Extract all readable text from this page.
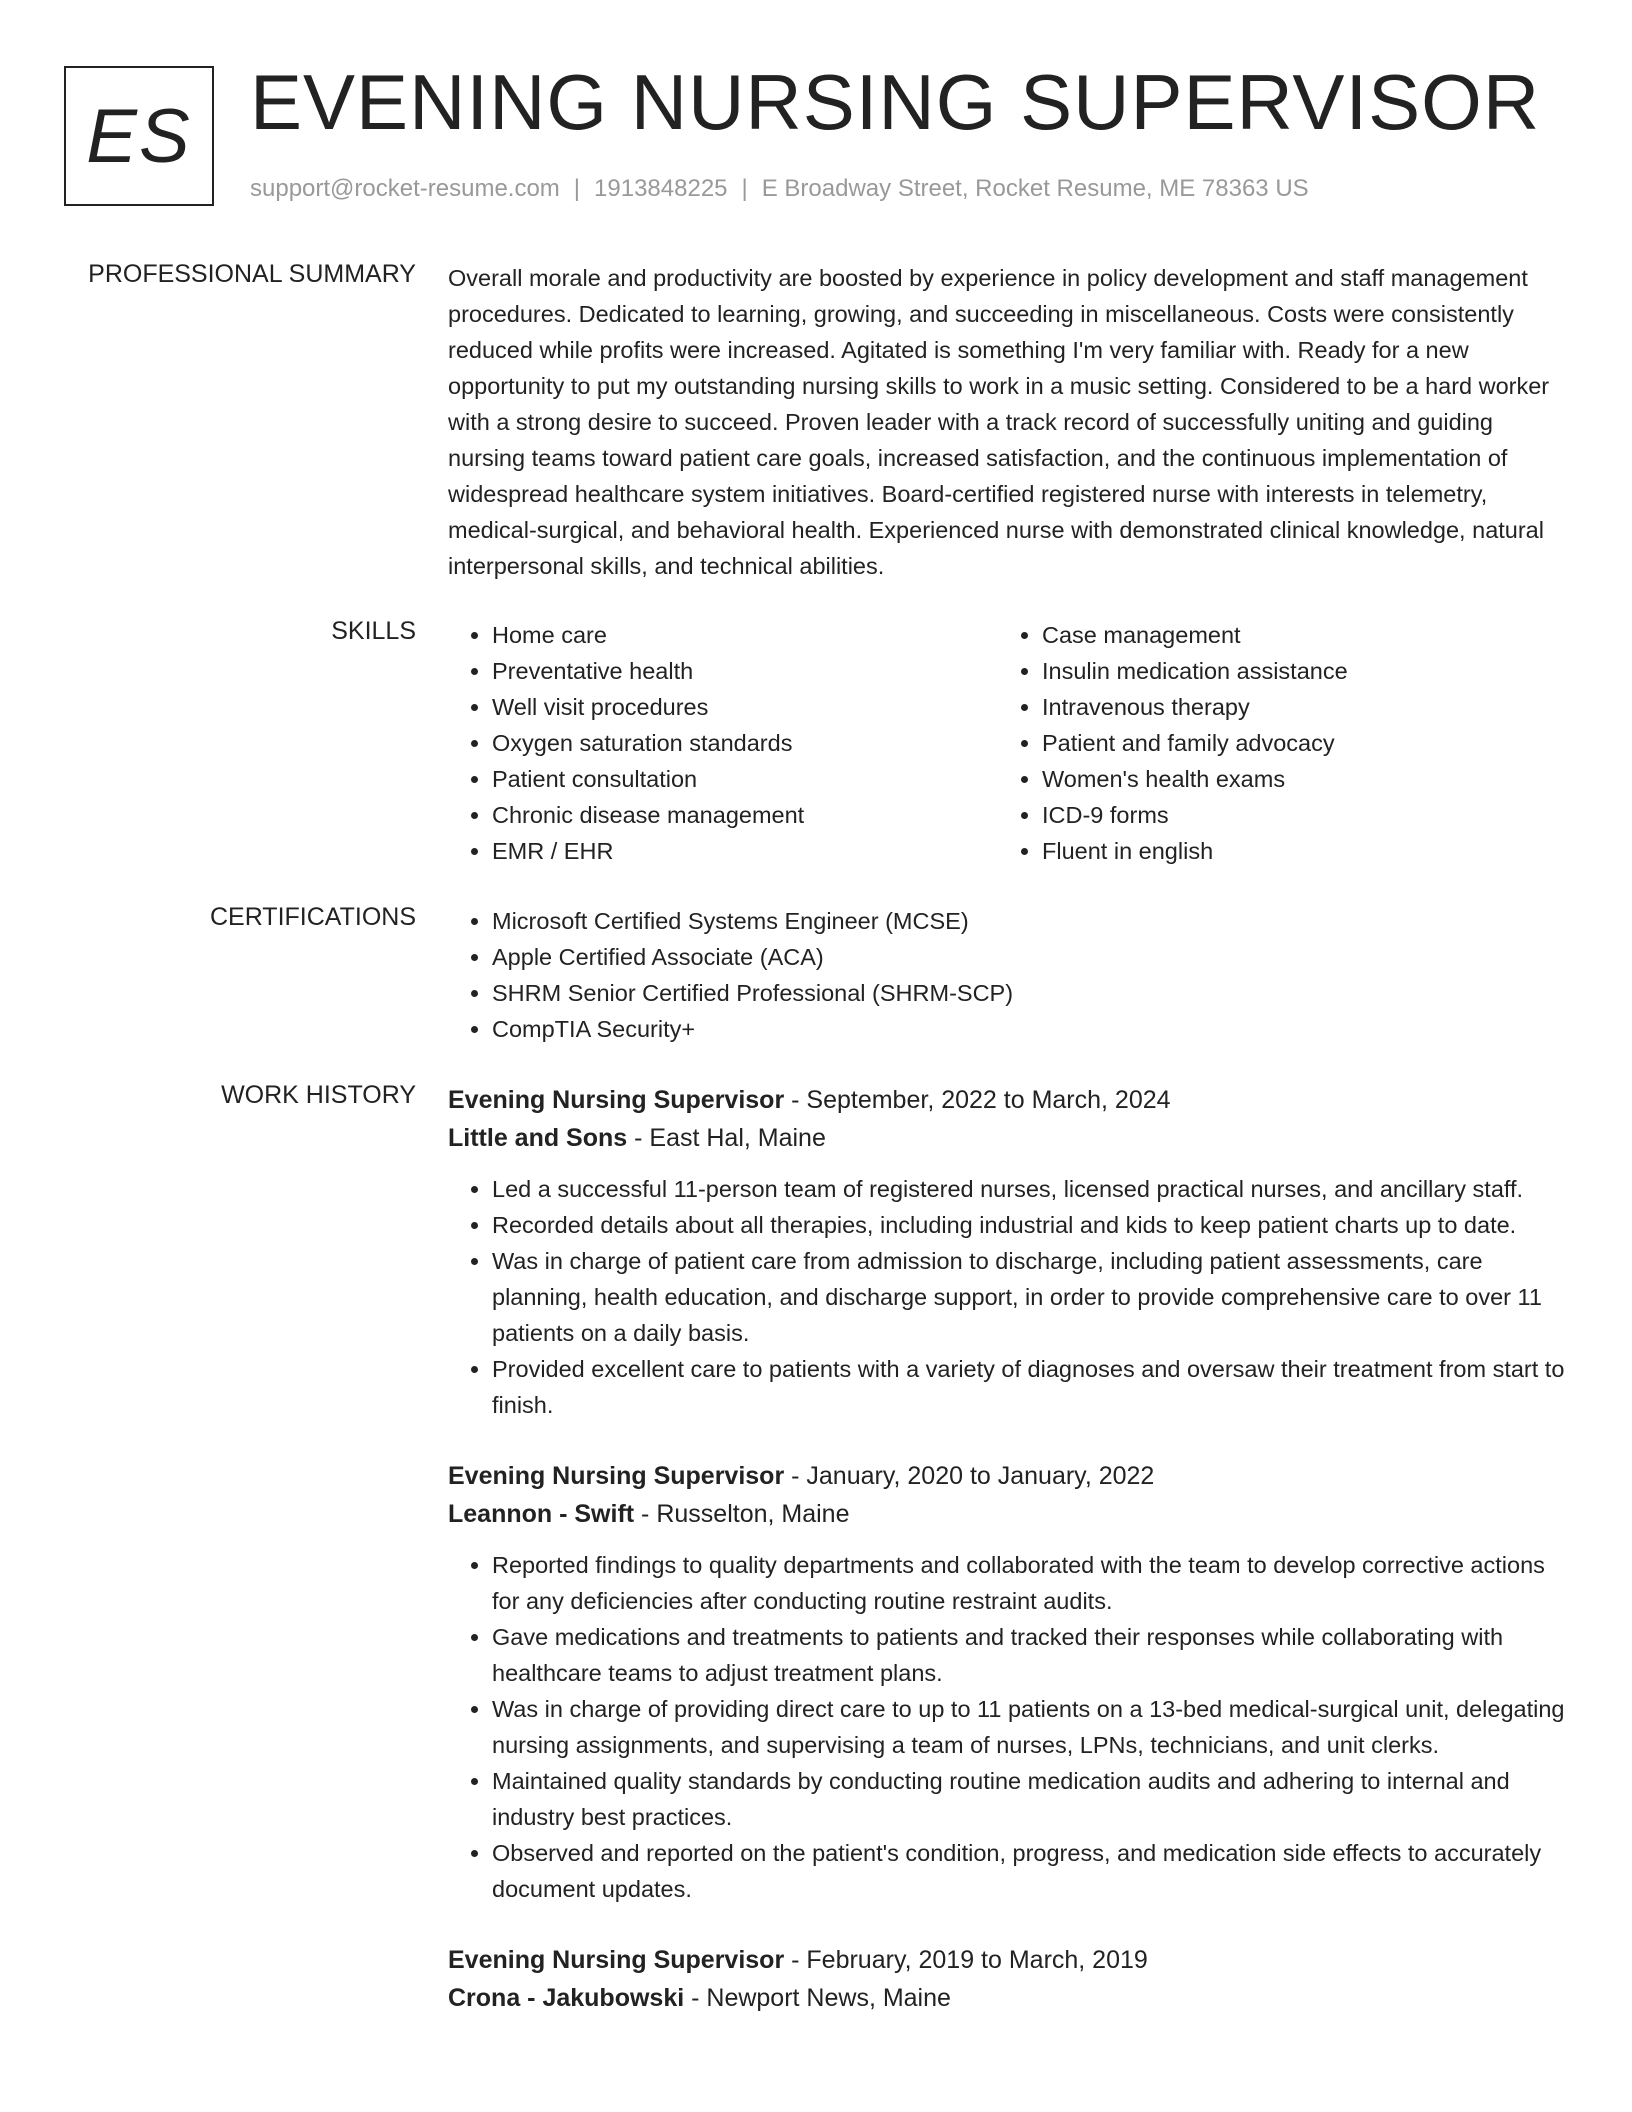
ES EVENING NURSING SUPERVISOR
support@rocket-resume.com | 1913848225 | E Broadway Street, Rocket Resume, ME 78363 US
PROFESSIONAL SUMMARY Overall morale and productivity are boosted by experience in policy development and staff management procedures. Dedicated to learning, growing, and succeeding in miscellaneous. Costs were consistently reduced while profits were increased. Agitated is something I'm very familiar with. Ready for a new opportunity to put my outstanding nursing skills to work in a music setting. Considered to be a hard worker with a strong desire to succeed. Proven leader with a track record of successfully uniting and guiding nursing teams toward patient care goals, increased satisfaction, and the continuous implementation of widespread healthcare system initiatives. Board-certified registered nurse with interests in telemetry, medical-surgical, and behavioral health. Experienced nurse with demonstrated clinical knowledge, natural interpersonal skills, and technical abilities.
SKILLS	• Home care
• Preventative health
• Well visit procedures
• Oxygen saturation standards
• Patient consultation
• Chronic disease management
• EMR / EHR
• Case management
• Insulin medication assistance
• Intravenous therapy
• Patient and family advocacy
• Women's health exams
• ICD-9 forms
• Fluent in english
CERTIFICATIONS	• Microsoft Certified Systems Engineer (MCSE)
• Apple Certified Associate (ACA)
• SHRM Senior Certified Professional (SHRM-SCP)
• CompTIA Security+
WORK HISTORY Evening Nursing Supervisor - September, 2022 to March, 2024
Little and Sons - East Hal, Maine
• Led a successful 11-person team of registered nurses, licensed practical nurses, and ancillary staff.
• Recorded details about all therapies, including industrial and kids to keep patient charts up to date.
• Was in charge of patient care from admission to discharge, including patient assessments, care planning, health education, and discharge support, in order to provide comprehensive care to over 11 patients on a daily basis.
• Provided excellent care to patients with a variety of diagnoses and oversaw their treatment from start to finish.
Evening Nursing Supervisor - January, 2020 to January, 2022
Leannon - Swift - Russelton, Maine
• Reported findings to quality departments and collaborated with the team to develop corrective actions for any deficiencies after conducting routine restraint audits.
• Gave medications and treatments to patients and tracked their responses while collaborating with healthcare teams to adjust treatment plans.
• Was in charge of providing direct care to up to 11 patients on a 13-bed medical-surgical unit, delegating nursing assignments, and supervising a team of nurses, LPNs, technicians, and unit clerks.
• Maintained quality standards by conducting routine medication audits and adhering to internal and industry best practices.
• Observed and reported on the patient's condition, progress, and medication side effects to accurately document updates.
Evening Nursing Supervisor - February, 2019 to March, 2019
Crona - Jakubowski - Newport News, Maine
